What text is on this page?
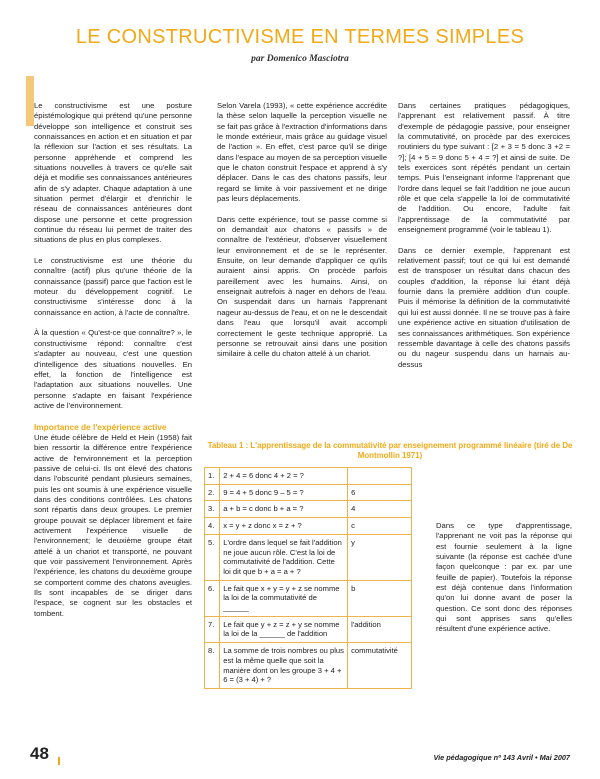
LE CONSTRUCTIVISME EN TERMES SIMPLES
par Domenico Masciotra

Le constructivisme est une posture épistémologique qui prétend qu'une personne développe son intelligence et construit ses connaissances en action et en situation et par la réflexion sur l'action et ses résultats. La personne appréhende et comprend les situations nouvelles à travers ce qu'elle sait déjà et modifie ses connaissances antérieures afin de s'y adapter. Chaque adaptation à une situation permet d'élargir et d'enrichir le réseau de connaissances antérieures dont dispose une personne et cette progression continue du réseau lui permet de traiter des situations de plus en plus complexes.

Le constructivisme est une théorie du connaître (actif) plus qu'une théorie de la connaissance (passif) parce que l'action est le moteur du développement cognitif. Le constructivisme s'intéresse donc à la connaissance en action, à l'acte de connaître.

À la question « Qu'est-ce que connaître? », le constructivisme répond: connaître c'est s'adapter au nouveau, c'est une question d'intelligence des situations nouvelles. En effet, la fonction de l'intelligence est l'adaptation aux situations nouvelles. Une personne s'adapte en faisant l'expérience active de l'environnement.

Importance de l'expérience active

Une étude célèbre de Held et Hein (1958) fait bien ressortir la différence entre l'expérience active de l'environnement et la perception passive de celui-ci. Ils ont élevé des chatons dans l'obscurité pendant plusieurs semaines, puis les ont soumis à une expérience visuelle dans des conditions contrôlées. Les chatons sont répartis dans deux groupes. Le premier groupe pouvait se déplacer librement et faire activement l'expérience visuelle de l'environnement; le deuxième groupe était attelé à un chariot et transporté, ne pouvant que voir passivement l'environnement. Après l'expérience, les chatons du deuxième groupe se comportent comme des chatons aveugles. Ils sont incapables de se diriger dans l'espace, se cognent sur les obstacles et tombent.

Selon Varela (1993), « cette expérience accrédite la thèse selon laquelle la perception visuelle ne se fait pas grâce à l'extraction d'informations dans le monde extérieur, mais grâce au guidage visuel de l'action ». En effet, c'est parce qu'il se dirige dans l'espace au moyen de sa perception visuelle que le chaton construit l'espace et apprend à s'y déplacer. Dans le cas des chatons passifs, leur regard se limite à voir passivement et ne dirige pas leurs déplacements.

Dans cette expérience, tout se passe comme si on demandait aux chatons « passifs » de connaître de l'extérieur, d'observer visuellement leur environnement et de se le représenter. Ensuite, on leur demande d'appliquer ce qu'ils auraient ainsi appris. On procède parfois pareillement avec les humains. Ainsi, on enseignait autrefois à nager en dehors de l'eau. On suspendait dans un harnais l'apprenant nageur au-dessus de l'eau, et on ne le descendait dans l'eau que lorsqu'il avait accompli correctement le geste technique approprié. La personne se retrouvait ainsi dans une position similaire à celle du chaton attelé à un chariot.

Dans certaines pratiques pédagogiques, l'apprenant est relativement passif. À titre d'exemple de pédagogie passive, pour enseigner la commutativité, on procède par des exercices routiniers du type suivant : [2 + 3 = 5 donc 3 +2 = ?]; [4 + 5 = 9 donc 5 + 4 = ?] et ainsi de suite. De tels exercices sont répétés pendant un certain temps. Puis l'enseignant informe l'apprenant que l'ordre dans lequel se fait l'addition ne joue aucun rôle et que cela s'appelle la loi de commutativité de l'addition. Ou encore, l'adulte fait l'apprentissage de la commutativité par enseignement programmé (voir le tableau 1).

Dans ce dernier exemple, l'apprenant est relativement passif; tout ce qui lui est demandé est de transposer un résultat dans chacun des couples d'addition, la réponse lui étant déjà fournie dans la première addition d'un couple. Puis il mémorise la définition de la commutativité qui lui est aussi donnée. Il ne se trouve pas à faire une expérience active en situation d'utilisation de ses connaissances arithmétiques. Son expérience ressemble davantage à celle des chatons passifs ou du nageur suspendu dans un harnais au-dessus

Tableau 1 : L'apprentissage de la commutativité par enseignement programmé linéaire (tiré de De Montmollin 1971)
1.	2 + 4 = 6 donc 4 + 2 = ?	
2.	9 = 4 + 5 donc 9 – 5 = ?	6
3.	a + b = c donc b + a = ?	4
4.	x = y + z donc x = z + ?	c
5.	L'ordre dans lequel se fait l'addition ne joue aucun rôle. C'est la loi de commutativité de l'addition. Cette loi dit que b + a = a + ?	y
6.	Le fait que x + y = y + z se nomme la loi de la commutativité de ______	b
7.	Le fait que y + z = z + y se nomme la loi de la ______ de l'addition	l'addition
8.	La somme de trois nombres ou plus est la même quelle que soit la manière dont on les groupe 3 + 4 + 6 = (3 + 4) + ?	commutativité
Dans ce type d'apprentissage, l'apprenant ne voit pas la réponse qui est fournie seulement à la ligne suivante (la réponse est cachée d'une façon quelconque : par ex. par une feuille de papier). Toutefois la réponse est déjà contenue dans l'information qu'on lui donne avant de poser la question. Ce sont donc des réponses qui sont apprises sans qu'elles résultent d'une expérience active.
48	Vie pédagogique nº 143 Avril • Mai 2007
